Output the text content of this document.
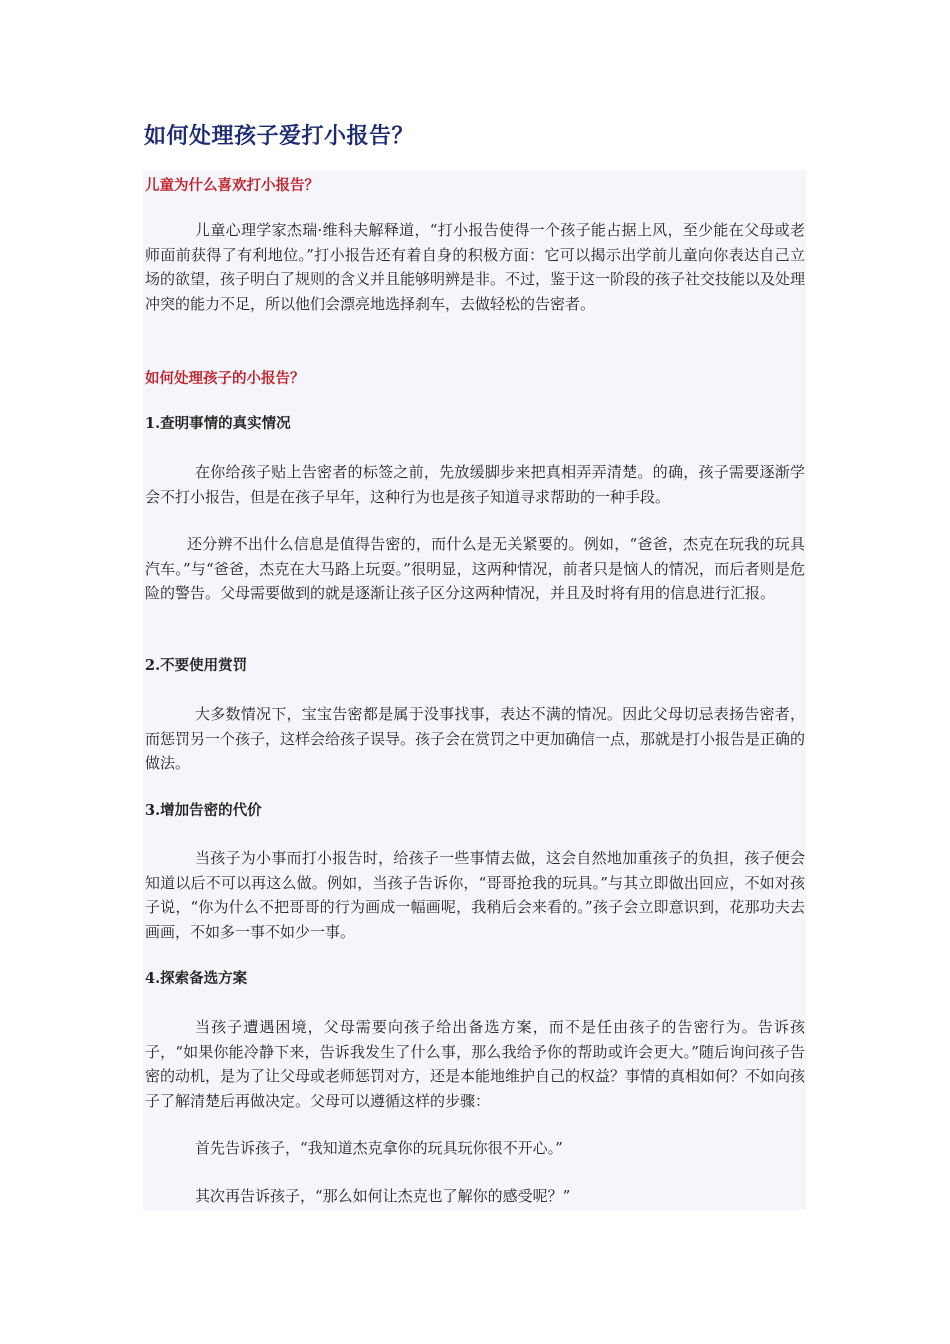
如何处理孩子爱打小报告？
儿童为什么喜欢打小报告？

儿童心理学家杰瑞·维科夫解释道，“打小报告使得一个孩子能占据上风，至少能在父母或老师面前获得了有利地位。”打小报告还有着自身的积极方面：它可以揭示出学前儿童向你表达自己立场的欲望，孩子明白了规则的含义并且能够明辨是非。不过，鉴于这一阶段的孩子社交技能以及处理冲突的能力不足，所以他们会漂亮地选择刹车，去做轻松的告密者。

如何处理孩子的小报告？
1.查明事情的真实情况

在你给孩子贴上告密者的标签之前，先放缓脚步来把真相弄弄清楚。的确，孩子需要逐渐学会不打小报告，但是在孩子早年，这种行为也是孩子知道寻求帮助的一种手段。

还分辨不出什么信息是值得告密的，而什么是无关紧要的。例如，“爸爸，杰克在玩我的玩具汽车。”与“爸爸，杰克在大马路上玩耍。”很明显，这两种情况，前者只是恼人的情况，而后者则是危险的警告。父母需要做到的就是逐渐让孩子区分这两种情况，并且及时将有用的信息进行汇报。

2.不要使用赏罚

大多数情况下，宝宝告密都是属于没事找事，表达不满的情况。因此父母切忌表扬告密者，而惩罚另一个孩子，这样会给孩子误导。孩子会在赏罚之中更加确信一点，那就是打小报告是正确的做法。

3.增加告密的代价

当孩子为小事而打小报告时，给孩子一些事情去做，这会自然地加重孩子的负担，孩子便会知道以后不可以再这么做。例如，当孩子告诉你，“哥哥抢我的玩具。”与其立即做出回应，不如对孩子说，“你为什么不把哥哥的行为画成一幅画呢，我稍后会来看的。”孩子会立即意识到，花那功夫去画画，不如多一事不如少一事。

4.探索备选方案

当孩子遭遇困境，父母需要向孩子给出备选方案，而不是任由孩子的告密行为。告诉孩子，“如果你能冷静下来，告诉我发生了什么事，那么我给予你的帮助或许会更大。”随后询问孩子告密的动机，是为了让父母或老师惩罚对方，还是本能地维护自己的权益？事情的真相如何？不如向孩子了解清楚后再做决定。父母可以遵循这样的步骤：

首先告诉孩子，“我知道杰克拿你的玩具玩你很不开心。”

其次再告诉孩子，“那么如何让杰克也了解你的感受呢？”
